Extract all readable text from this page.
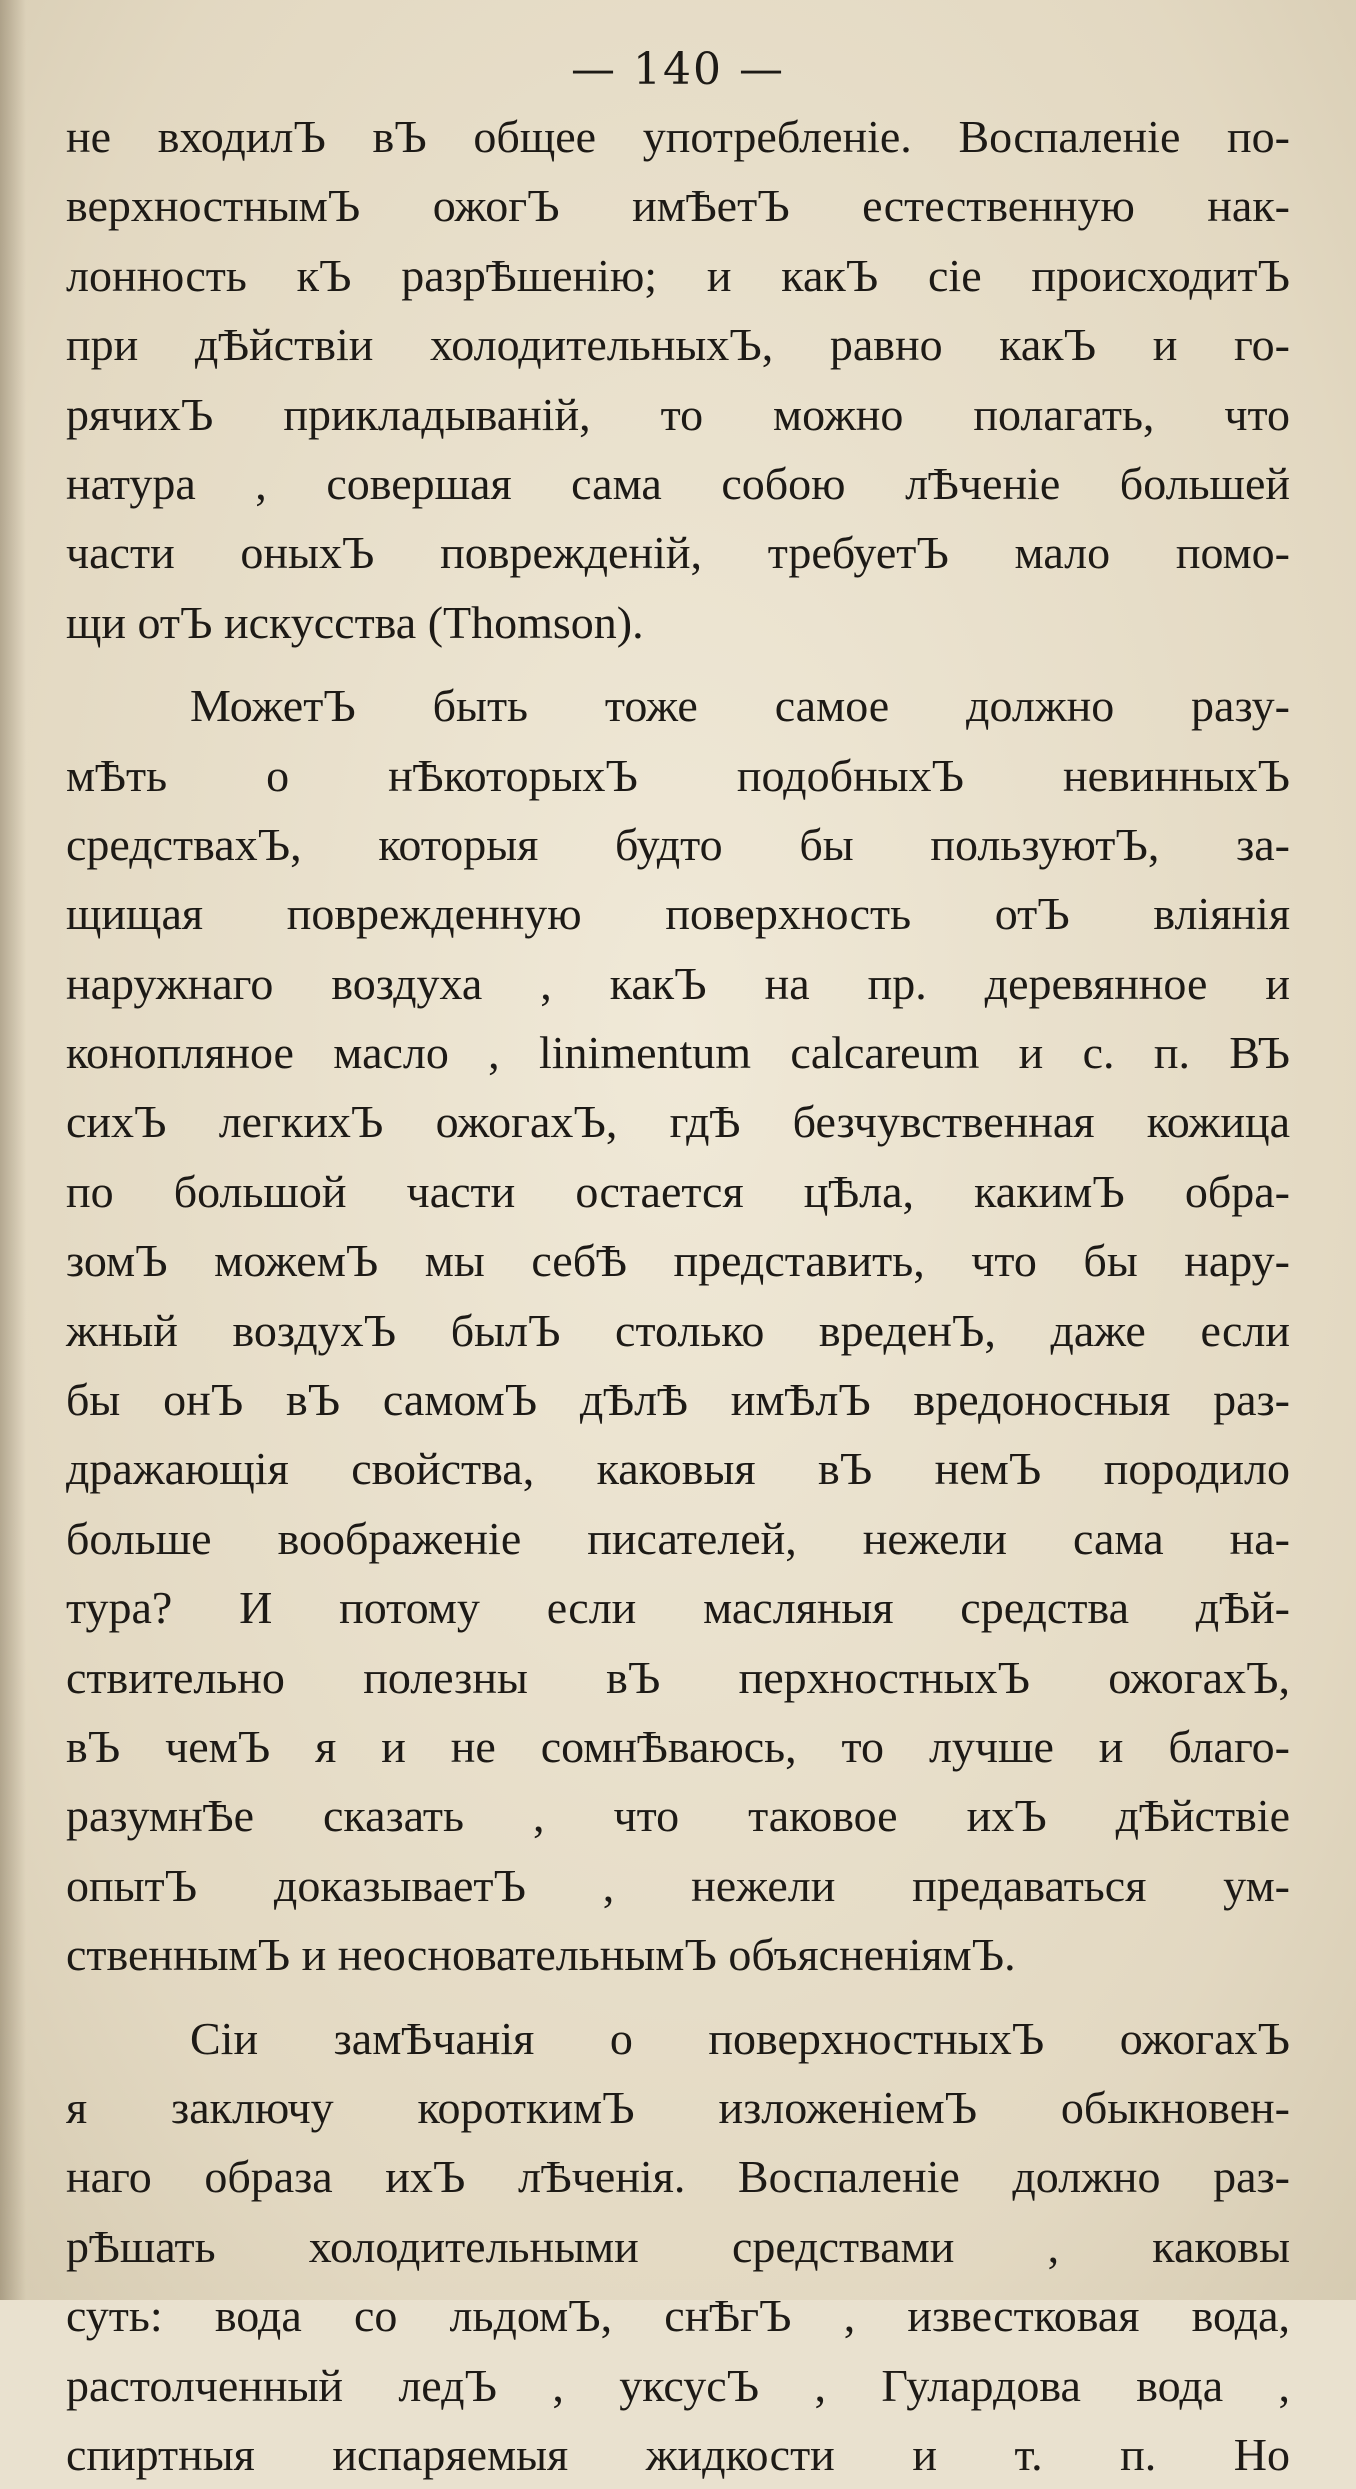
— 140 —
не входилЪ вЪ общее употребленіе. Воспаленіе по-
верхностнымЪ ожогЪ имѢетЪ естественную нак-
лонность кЪ разрѢшенію; и какЪ сіе происходитЪ
при дѢйствіи холодительныхЪ, равно какЪ и го-
рячихЪ прикладываній, то можно полагать, что
натура , совершая сама собою лѢченіе большей
части оныхЪ поврежденій, требуетЪ мало помо-
щи отЪ искусства (Thomson).
МожетЪ быть тоже самое должно разу-
мѢть о нѢкоторыхЪ подобныхЪ невинныхЪ
средствахЪ, которыя будто бы пользуютЪ, за-
щищая поврежденную поверхность отЪ вліянія
наружнаго воздуха , какЪ на пр. деревянное и
конопляное масло , linimentum calcareum и с. п. ВЪ
сихЪ легкихЪ ожогахЪ, гдѢ безчувственная кожица
по большой части остается цѢла, какимЪ обра-
зомЪ можемЪ мы себѢ представить, что бы нару-
жный воздухЪ былЪ столько вреденЪ, даже если
бы онЪ вЪ самомЪ дѢлѢ имѢлЪ вредоносныя раз-
дражающія свойства, каковыя вЪ немЪ породило
больше воображеніе писателей, нежели сама на-
тура? И потому если масляныя средства дѢй-
ствительно полезны вЪ перхностныхЪ ожогахЪ,
вЪ чемЪ я и не сомнѢваюсь, то лучше и благо-
разумнѢе сказать , что таковое ихЪ дѢйствіе
опытЪ доказываетЪ , нежели предаваться ум-
ственнымЪ и неосновательнымЪ объясненіямЪ.
Сіи замѢчанія о поверхностныхЪ ожогахЪ
я заключу короткимЪ изложеніемЪ обыкновен-
наго образа ихЪ лѢченія. Воспаленіе должно раз-
рѢшать холодительными средствами , каковы
суть: вода со льдомЪ, снѢгЪ , известковая вода,
растолченный ледЪ , уксусЪ , Гулардова вода ,
спиртныя испаряемыя жидкости и т. п. Но
